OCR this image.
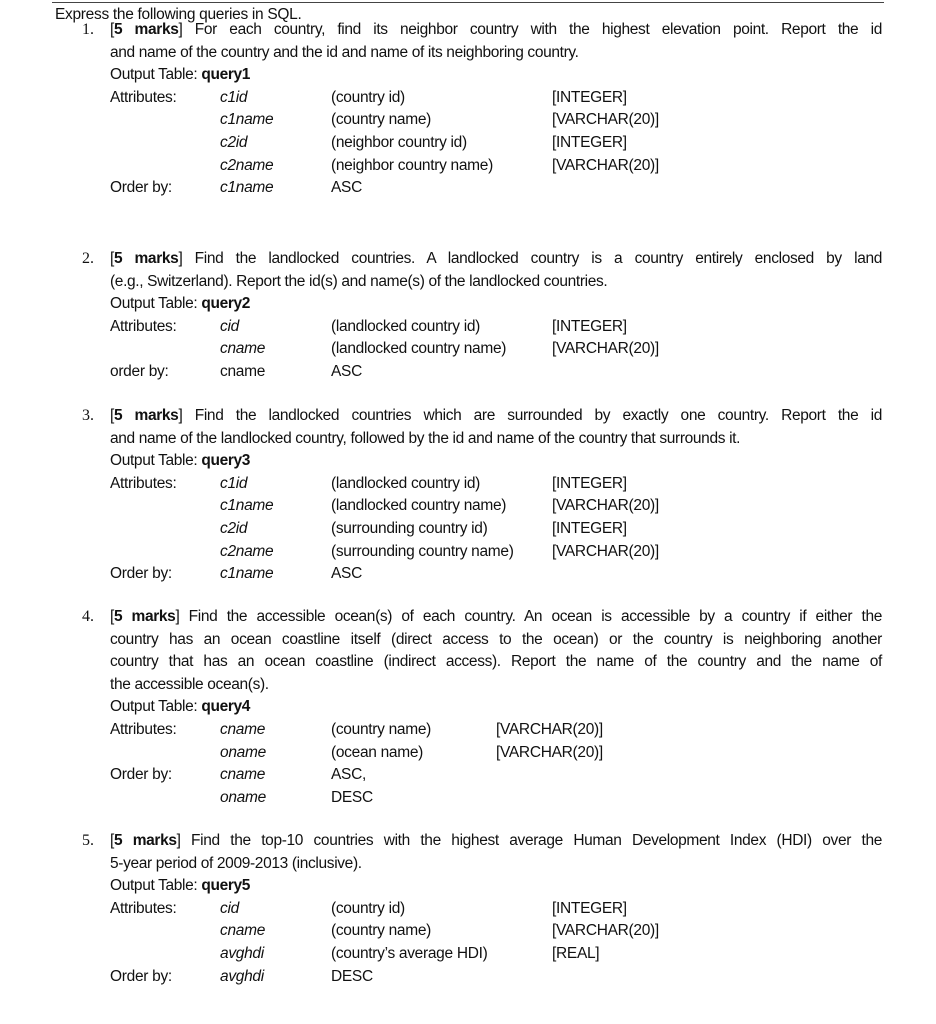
Express the following queries in SQL.
1. [5 marks] For each country, find its neighbor country with the highest elevation point. Report the id
and name of the country and the id and name of its neighboring country.
Output Table: query1
Attributes:	c1id	(country id)	[INTEGER]
c1name	(country name)	[VARCHAR(20)]
c2id	(neighbor country id)	[INTEGER]
c2name	(neighbor country name)	[VARCHAR(20)]
Order by:	c1name	ASC
2. [5 marks] Find the landlocked countries. A landlocked country is a country entirely enclosed by land
(e.g., Switzerland). Report the id(s) and name(s) of the landlocked countries.
Output Table: query2
Attributes:	cid	(landlocked country id)	[INTEGER]
cname	(landlocked country name)	[VARCHAR(20)]
order by:	cname	ASC
3. [5 marks] Find the landlocked countries which are surrounded by exactly one country. Report the id
and name of the landlocked country, followed by the id and name of the country that surrounds it.
Output Table: query3
Attributes:	c1id	(landlocked country id)	[INTEGER]
c1name	(landlocked country name)	[VARCHAR(20)]
c2id	(surrounding country id)	[INTEGER]
c2name	(surrounding country name) [VARCHAR(20)]
Order by:	c1name	ASC
4. [5 marks] Find the accessible ocean(s) of each country. An ocean is accessible by a country if either the
country has an ocean coastline itself (direct access to the ocean) or the country is neighboring another
country that has an ocean coastline (indirect access). Report the name of the country and the name of
the accessible ocean(s).
Output Table: query4
Attributes:	cname	(country name)	[VARCHAR(20)]
oname	(ocean name)	[VARCHAR(20)]
Order by:	cname	ASC,
oname	DESC
5. [5 marks] Find the top-10 countries with the highest average Human Development Index (HDI) over the
5-year period of 2009-2013 (inclusive).
Output Table: query5
Attributes:	cid	(country id)	[INTEGER]
cname	(country name)	[VARCHAR(20)]
avghdi	(country’s average HDI)	[REAL]
Order by:	avghdi	DESC
